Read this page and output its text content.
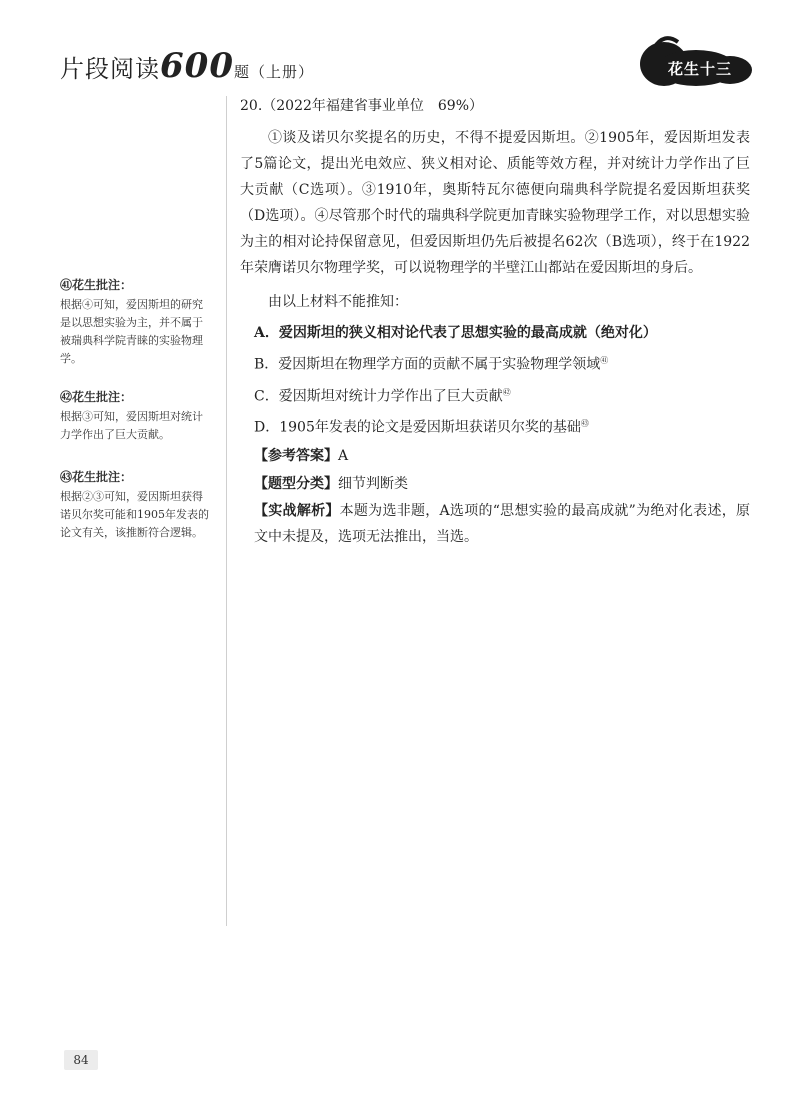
片段阅读600题（上册）	花生十三
㊶花生批注：
根据④可知，爱因斯坦的研究是以思想实验为主，并不属于被瑞典科学院青睐的实验物理学。
㊷花生批注：
根据③可知，爱因斯坦对统计力学作出了巨大贡献。
㊸花生批注：
根据②③可知，爱因斯坦获得诺贝尔奖可能和1905年发表的论文有关，该推断符合逻辑。
20.（2022年福建省事业单位　69%）

①谈及诺贝尔奖提名的历史，不得不提爱因斯坦。②1905年，爱因斯坦发表了5篇论文，提出光电效应、狭义相对论、质能等效方程，并对统计力学作出了巨大贡献（C选项）。③1910年，奥斯特瓦尔德便向瑞典科学院提名爱因斯坦获奖（D选项）。④尽管那个时代的瑞典科学院更加青睐实验物理学工作，对以思想实验为主的相对论持保留意见，但爱因斯坦仍先后被提名62次（B选项），终于在1922年荣膺诺贝尔物理学奖，可以说物理学的半壁江山都站在爱因斯坦的身后。

由以上材料不能推知：

A．爱因斯坦的狭义相对论代表了思想实验的最高成就（绝对化）
B．爱因斯坦在物理学方面的贡献不属于实验物理学领域$^㊶$
C．爱因斯坦对统计力学作出了巨大贡献$^㊷$
D．1905年发表的论文是爱因斯坦获诺贝尔奖的基础$^㊸$
【参考答案】A
【题型分类】细节判断类
【实战解析】本题为选非题，A选项的“思想实验的最高成就”为绝对化表述，原文中未提及，选项无法推出，当选。
84
